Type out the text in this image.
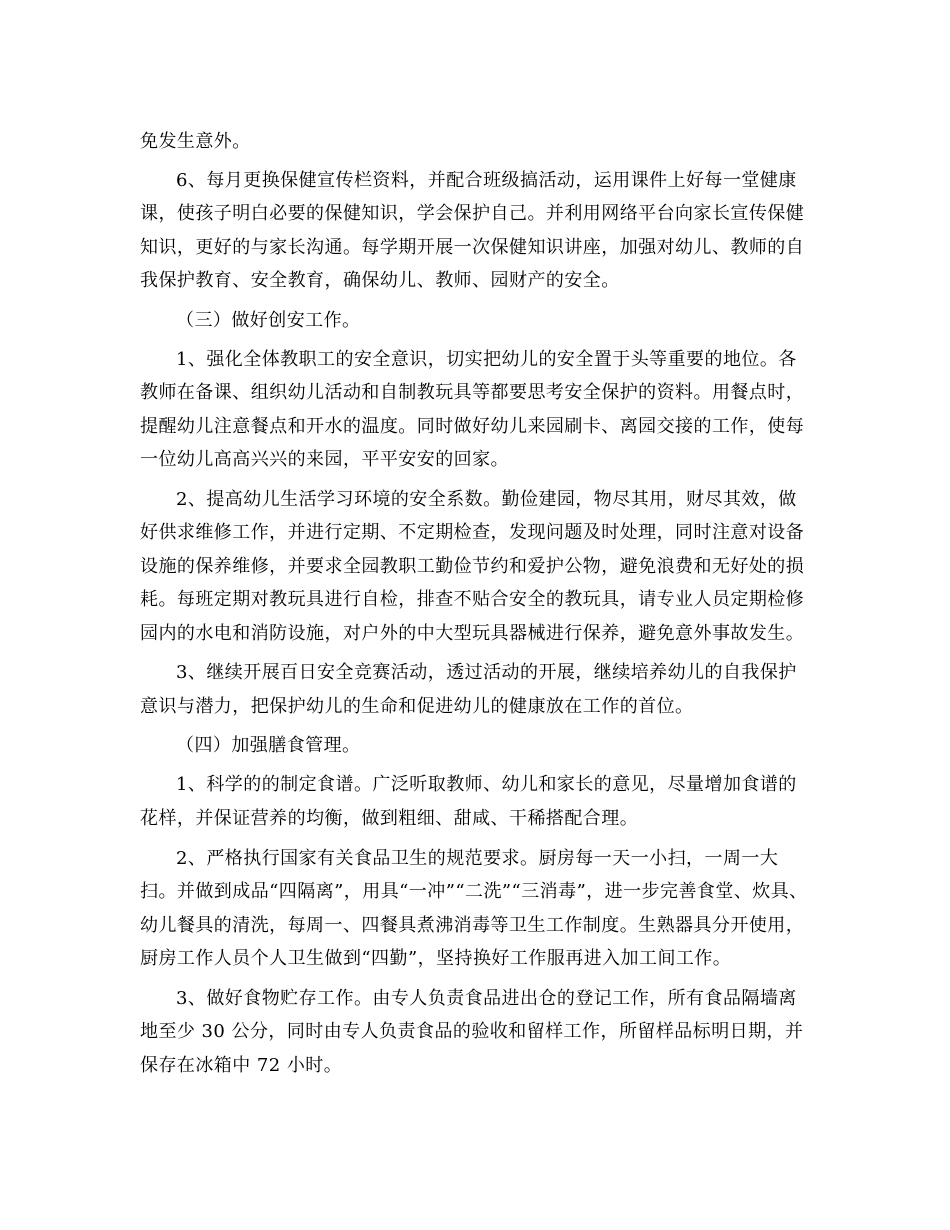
免发生意外。
6、每月更换保健宣传栏资料，并配合班级搞活动，运用课件上好每一堂健康
课，使孩子明白必要的保健知识，学会保护自己。并利用网络平台向家长宣传保健
知识，更好的与家长沟通。每学期开展一次保健知识讲座，加强对幼儿、教师的自
我保护教育、安全教育，确保幼儿、教师、园财产的安全。
（三）做好创安工作。
1、强化全体教职工的安全意识，切实把幼儿的安全置于头等重要的地位。各
教师在备课、组织幼儿活动和自制教玩具等都要思考安全保护的资料。用餐点时，
提醒幼儿注意餐点和开水的温度。同时做好幼儿来园刷卡、离园交接的工作，使每
一位幼儿高高兴兴的来园，平平安安的回家。
2、提高幼儿生活学习环境的安全系数。勤俭建园，物尽其用，财尽其效，做
好供求维修工作，并进行定期、不定期检查，发现问题及时处理，同时注意对设备
设施的保养维修，并要求全园教职工勤俭节约和爱护公物，避免浪费和无好处的损
耗。每班定期对教玩具进行自检，排查不贴合安全的教玩具，请专业人员定期检修
园内的水电和消防设施，对户外的中大型玩具器械进行保养，避免意外事故发生。
3、继续开展百日安全竞赛活动，透过活动的开展，继续培养幼儿的自我保护
意识与潜力，把保护幼儿的生命和促进幼儿的健康放在工作的首位。
（四）加强膳食管理。
1、科学的的制定食谱。广泛听取教师、幼儿和家长的意见，尽量增加食谱的
花样，并保证营养的均衡，做到粗细、甜咸、干稀搭配合理。
2、严格执行国家有关食品卫生的规范要求。厨房每一天一小扫，一周一大
扫。并做到成品“四隔离”，用具“一冲”“二洗”“三消毒”，进一步完善食堂、炊具、
幼儿餐具的清洗，每周一、四餐具煮沸消毒等卫生工作制度。生熟器具分开使用，
厨房工作人员个人卫生做到“四勤”，坚持换好工作服再进入加工间工作。
3、做好食物贮存工作。由专人负责食品进出仓的登记工作，所有食品隔墙离
地至少 30 公分，同时由专人负责食品的验收和留样工作，所留样品标明日期，并
保存在冰箱中 72 小时。
